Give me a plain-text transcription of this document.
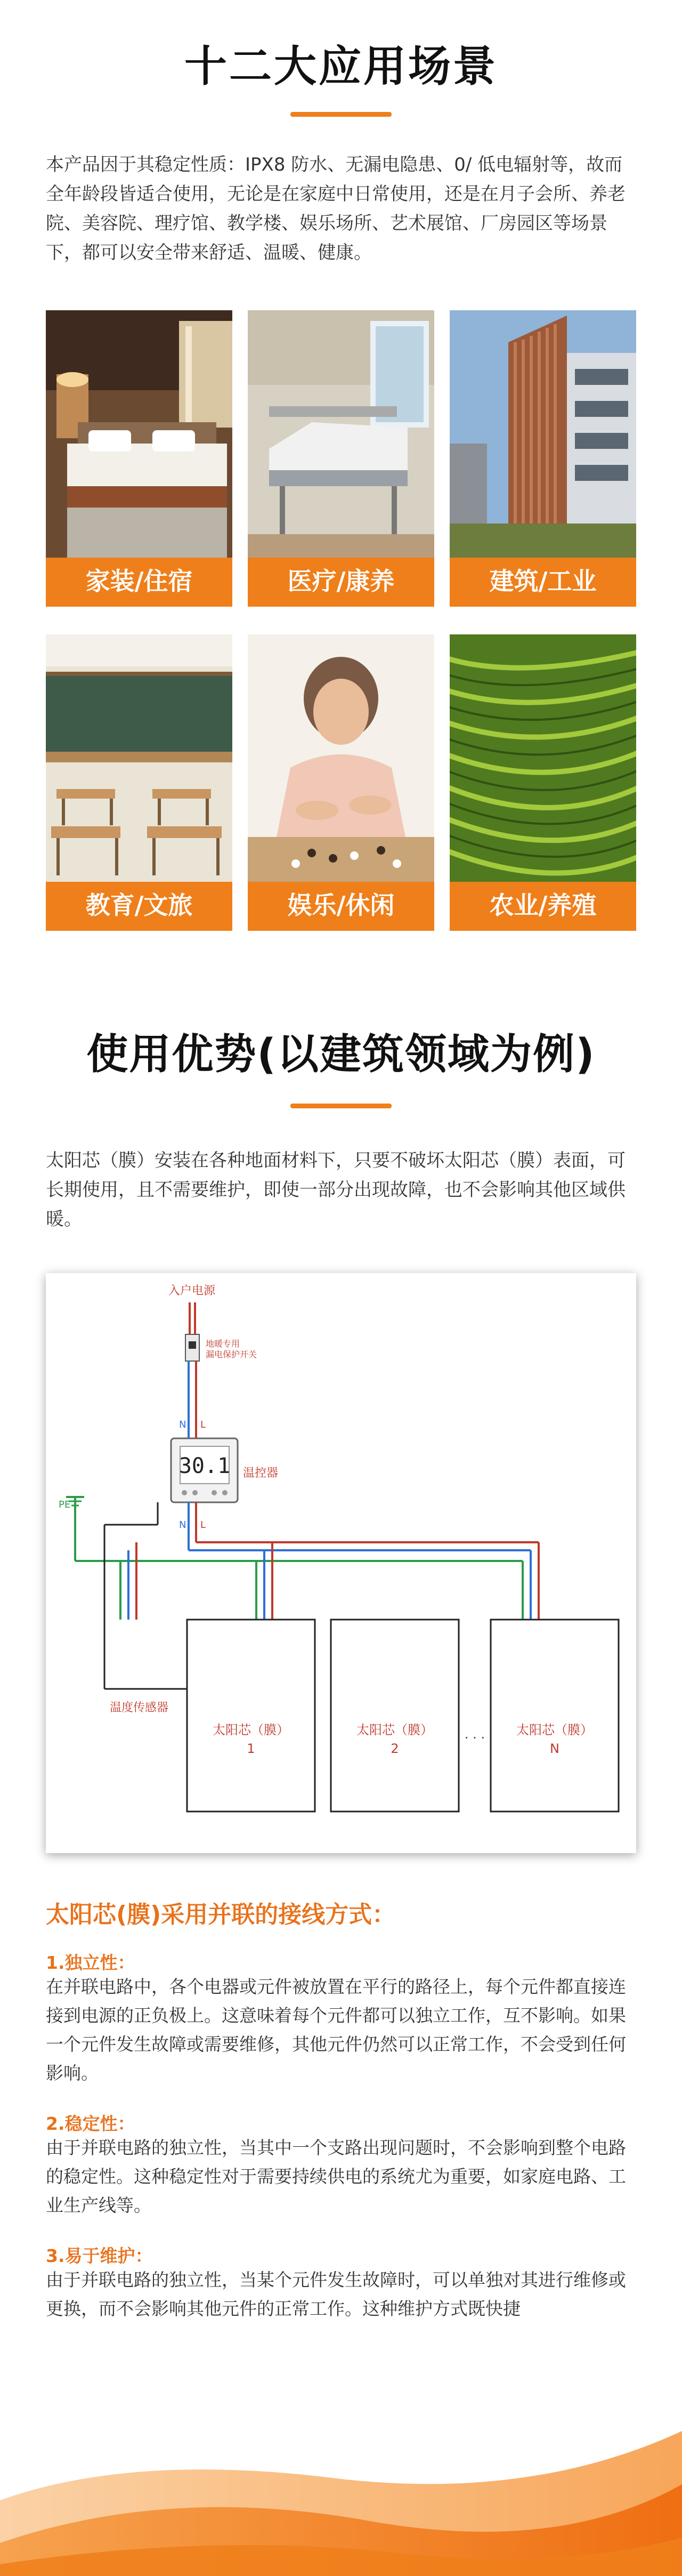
十二大应用场景
本产品因于其稳定性质：IPX8 防水、无漏电隐患、0/ 低电辐射等，故而全年龄段皆适合使用，无论是在家庭中日常使用，还是在月子会所、养老院、美容院、理疗馆、教学楼、娱乐场所、艺术展馆、厂房园区等场景下，都可以安全带来舒适、温暖、健康。
家装/住宿	医疗/康养	建筑/工业
教育/文旅	娱乐/休闲	农业/养殖
使用优势(以建筑领域为例)
太阳芯（膜）安装在各种地面材料下，只要不破坏太阳芯（膜）表面，可长期使用，且不需要维护，即使一部分出现故障，也不会影响其他区域供暖。
入户电源
地暖专用
漏电保护开关
N L
30.1 温控器
N L
PE
温度传感器
太阳芯（膜）
1
太阳芯（膜）
2
· · ·
太阳芯（膜）
N
太阳芯(膜)采用并联的接线方式：
1.独立性：
在并联电路中，各个电器或元件被放置在平行的路径上，每个元件都直接连接到电源的正负极上。这意味着每个元件都可以独立工作，互不影响。如果一个元件发生故障或需要维修，其他元件仍然可以正常工作，不会受到任何影响。
2.稳定性：
由于并联电路的独立性，当其中一个支路出现问题时，不会影响到整个电路的稳定性。这种稳定性对于需要持续供电的系统尤为重要，如家庭电路、工业生产线等。
3.易于维护：
由于并联电路的独立性，当某个元件发生故障时，可以单独对其进行维修或更换，而不会影响其他元件的正常工作。这种维护方式既快捷
